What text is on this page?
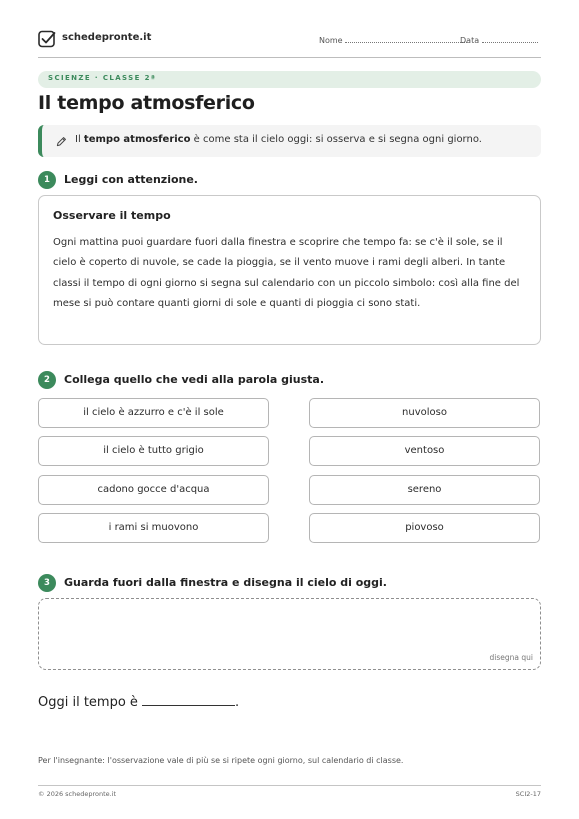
schedepronte.it	Nome	Data
SCIENZE · CLASSE 2ª
Il tempo atmosferico
Il tempo atmosferico è come sta il cielo oggi: si osserva e si segna ogni giorno.
1	Leggi con attenzione.
Osservare il tempo
Ogni mattina puoi guardare fuori dalla finestra e scoprire che tempo fa: se c'è il sole, se il cielo è coperto di nuvole, se cade la pioggia, se il vento muove i rami degli alberi. In tante classi il tempo di ogni giorno si segna sul calendario con un piccolo simbolo: così alla fine del mese si può contare quanti giorni di sole e quanti di pioggia ci sono stati.
2	Collega quello che vedi alla parola giusta.
il cielo è azzurro e c'è il sole
il cielo è tutto grigio
cadono gocce d'acqua
i rami si muovono
nuvoloso
ventoso
sereno
piovoso
3	Guarda fuori dalla finestra e disegna il cielo di oggi.
disegna qui
Oggi il tempo è	.
Per l'insegnante: l'osservazione vale di più se si ripete ogni giorno, sul calendario di classe.
© 2026 schedepronte.it	SCI2-17
